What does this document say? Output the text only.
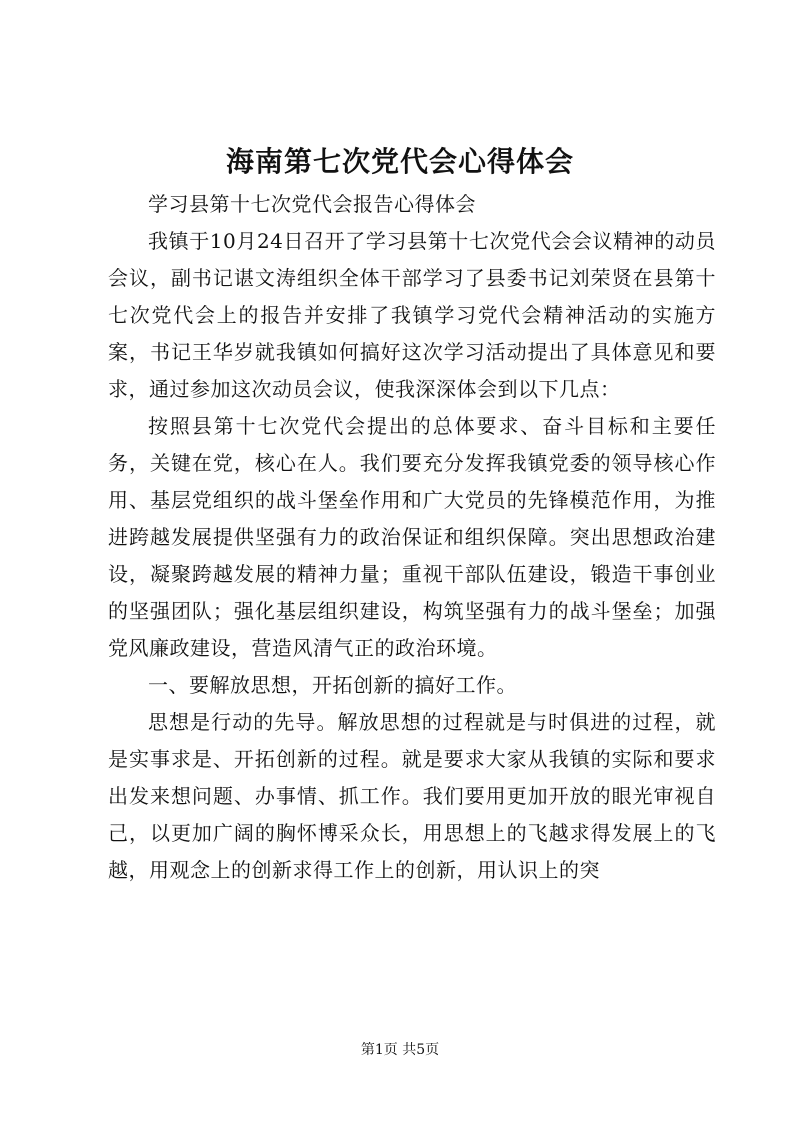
海南第七次党代会心得体会

学习县第十七次党代会报告心得体会

我镇于10月24日召开了学习县第十七次党代会会议精神的动员会议，副书记谌文涛组织全体干部学习了县委书记刘荣贤在县第十七次党代会上的报告并安排了我镇学习党代会精神活动的实施方案，书记王华岁就我镇如何搞好这次学习活动提出了具体意见和要求，通过参加这次动员会议，使我深深体会到以下几点：

按照县第十七次党代会提出的总体要求、奋斗目标和主要任务，关键在党，核心在人。我们要充分发挥我镇党委的领导核心作用、基层党组织的战斗堡垒作用和广大党员的先锋模范作用，为推进跨越发展提供坚强有力的政治保证和组织保障。突出思想政治建设，凝聚跨越发展的精神力量；重视干部队伍建设，锻造干事创业的坚强团队；强化基层组织建设，构筑坚强有力的战斗堡垒；加强党风廉政建设，营造风清气正的政治环境。

一、要解放思想，开拓创新的搞好工作。

思想是行动的先导。解放思想的过程就是与时俱进的过程，就是实事求是、开拓创新的过程。就是要求大家从我镇的实际和要求出发来想问题、办事情、抓工作。我们要用更加开放的眼光审视自己，以更加广阔的胸怀博采众长，用思想上的飞越求得发展上的飞越，用观念上的创新求得工作上的创新，用认识上的突

第1页 共5页
